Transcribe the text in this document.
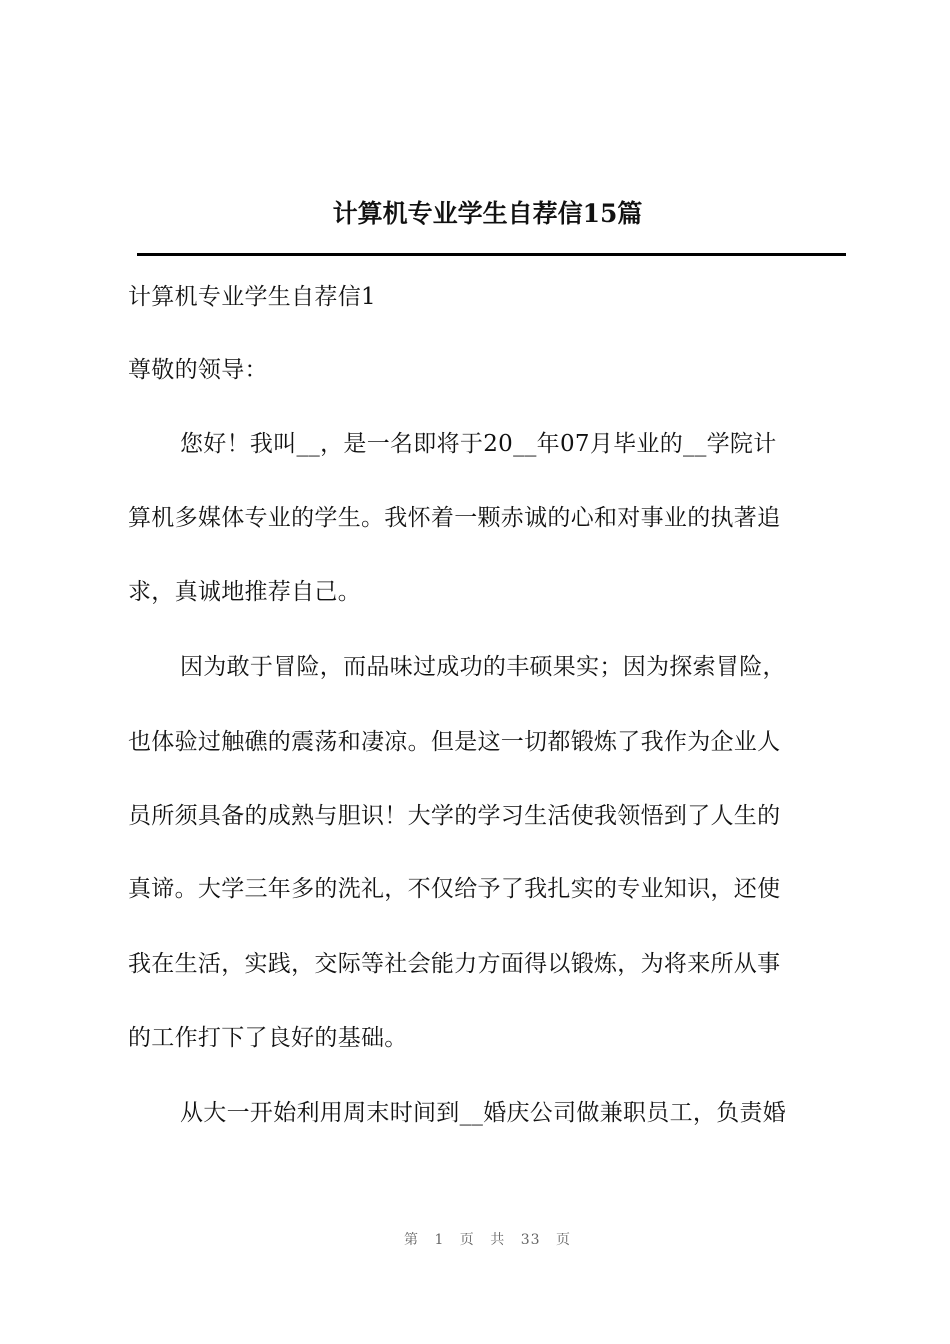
计算机专业学生自荐信15篇
计算机专业学生自荐信1
尊敬的领导：
您好！我叫__，是一名即将于20__年07月毕业的__学院计
算机多媒体专业的学生。我怀着一颗赤诚的心和对事业的执著追
求，真诚地推荐自己。
因为敢于冒险，而品味过成功的丰硕果实；因为探索冒险，
也体验过触礁的震荡和凄凉。但是这一切都锻炼了我作为企业人
员所须具备的成熟与胆识！大学的学习生活使我领悟到了人生的
真谛。大学三年多的洗礼，不仅给予了我扎实的专业知识，还使
我在生活，实践，交际等社会能力方面得以锻炼，为将来所从事
的工作打下了良好的基础。
从大一开始利用周末时间到__婚庆公司做兼职员工，负责婚
第 1 页 共 33 页
